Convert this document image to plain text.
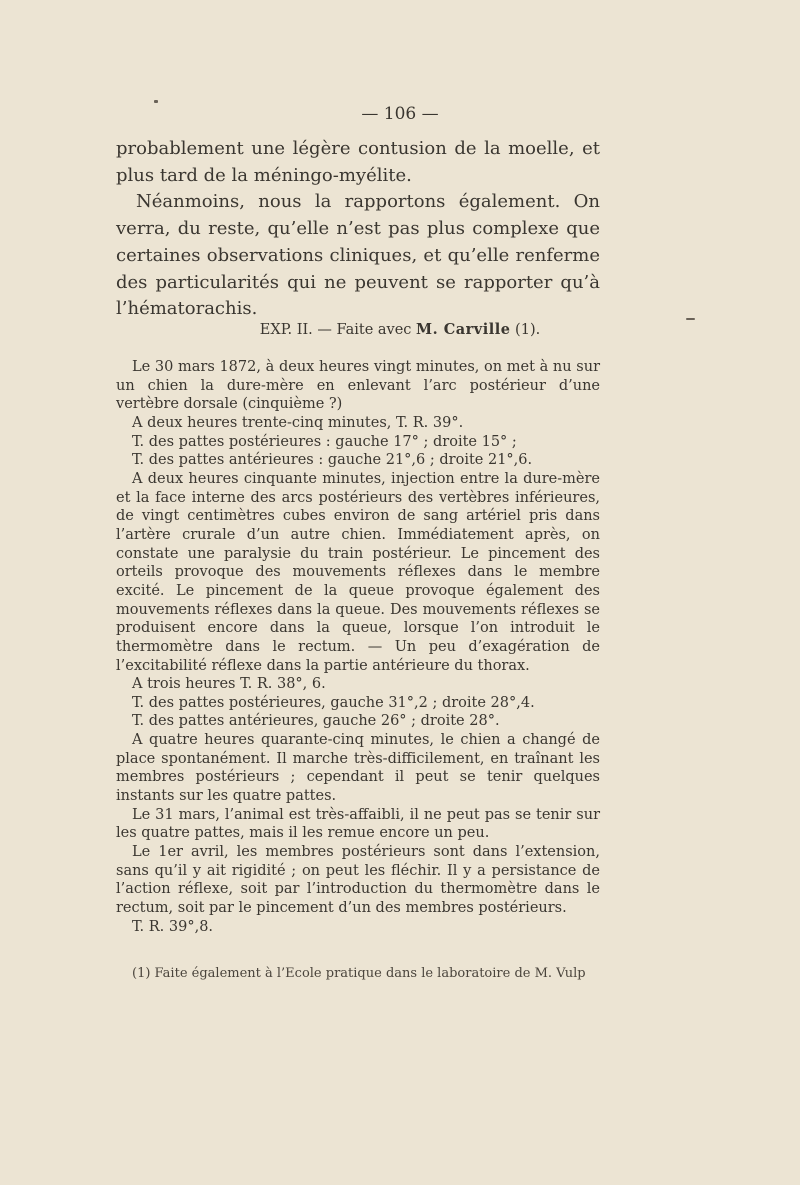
— 106 —

probablement une légère contusion de la moelle, et plus tard de la méningo-myélite.

Néanmoins, nous la rapportons également. On verra, du reste, qu’elle n’est pas plus complexe que certaines observations cliniques, et qu’elle renferme des particularités qui ne peuvent se rapporter qu’à l’hématorachis.

EXP. II. — Faite avec M. Carville (1).

Le 30 mars 1872, à deux heures vingt minutes, on met à nu sur un chien la dure-mère en enlevant l’arc postérieur d’une vertèbre dorsale (cinquième ?)

A deux heures trente-cinq minutes, T. R. 39°.

T. des pattes postérieures : gauche 17° ; droite 15° ;

T. des pattes antérieures : gauche 21°,6 ; droite 21°,6.

A deux heures cinquante minutes, injection entre la dure-mère et la face interne des arcs postérieurs des vertèbres inférieures, de vingt centimètres cubes environ de sang artériel pris dans l’artère crurale d’un autre chien. Immédiatement après, on constate une paralysie du train postérieur. Le pincement des orteils provoque des mouvements réflexes dans le membre excité. Le pincement de la queue provoque également des mouvements réflexes dans la queue. Des mouvements réflexes se produisent encore dans la queue, lorsque l’on introduit le thermomètre dans le rectum. — Un peu d’exagération de l’excitabilité réflexe dans la partie antérieure du thorax.

A trois heures T. R. 38°, 6.

T. des pattes postérieures, gauche 31°,2 ; droite 28°,4.

T. des pattes antérieures, gauche 26° ; droite 28°.

A quatre heures quarante-cinq minutes, le chien a changé de place spontanément. Il marche très-difficilement, en traînant les membres postérieurs ; cependant il peut se tenir quelques instants sur les quatre pattes.

Le 31 mars, l’animal est très-affaibli, il ne peut pas se tenir sur les quatre pattes, mais il les remue encore un peu.

Le 1er avril, les membres postérieurs sont dans l’extension, sans qu’il y ait rigidité ; on peut les fléchir. Il y a persistance de l’action réflexe, soit par l’introduction du thermomètre dans le rectum, soit par le pincement d’un des membres postérieurs.

T. R. 39°,8.

(1) Faite également à l’Ecole pratique dans le laboratoire de M. Vulp
